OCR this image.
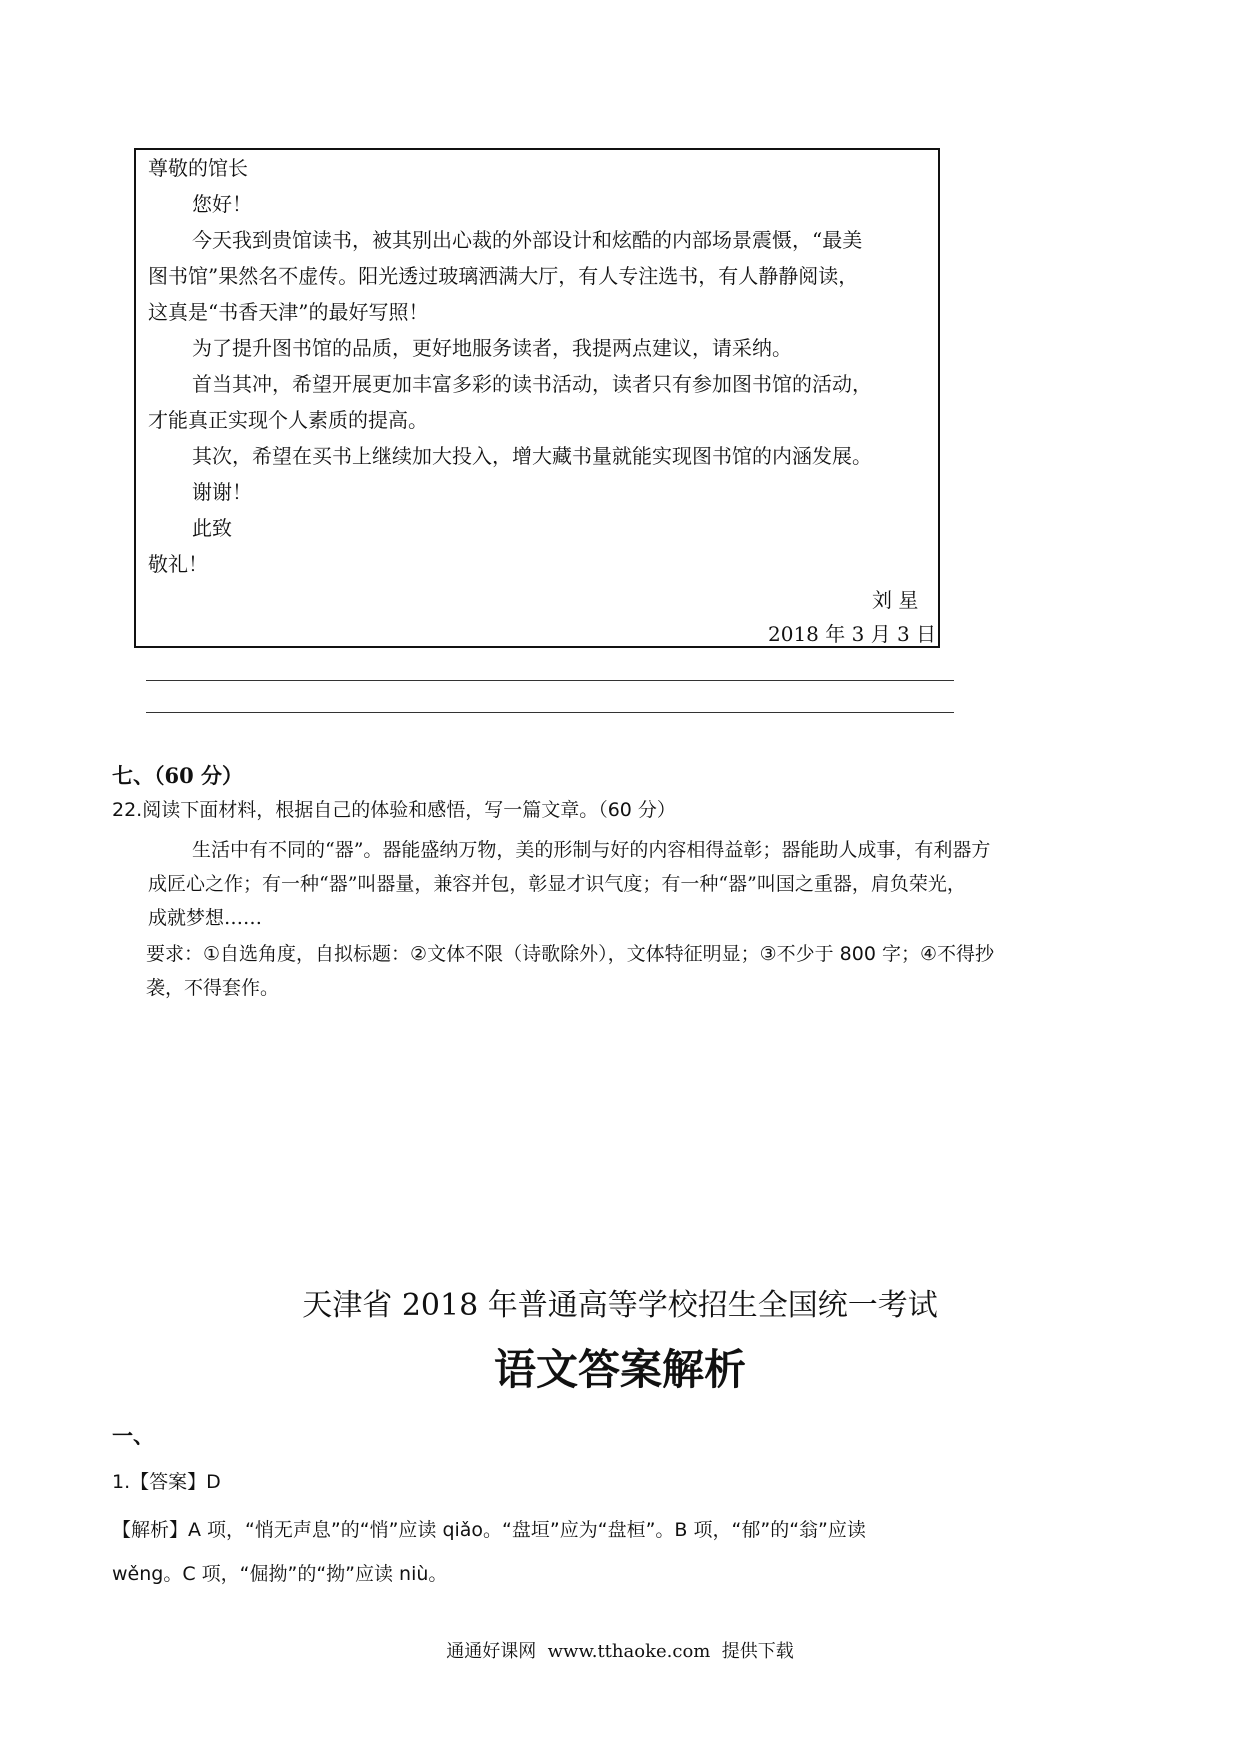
尊敬的馆长
您好！
今天我到贵馆读书，被其别出心裁的外部设计和炫酷的内部场景震慑，“最美
图书馆”果然名不虚传。阳光透过玻璃洒满大厅，有人专注选书，有人静静阅读，
这真是“书香天津”的最好写照！
为了提升图书馆的品质，更好地服务读者，我提两点建议，请采纳。
首当其冲，希望开展更加丰富多彩的读书活动，读者只有参加图书馆的活动，
才能真正实现个人素质的提高。
其次，希望在买书上继续加大投入，增大藏书量就能实现图书馆的内涵发展。
谢谢！
此致
敬礼！
刘 星
2018 年 3 月 3 日
七、（60 分）
22.阅读下面材料，根据自己的体验和感悟，写一篇文章。（60 分）
生活中有不同的“器”。器能盛纳万物，美的形制与好的内容相得益彰；器能助人成事，有利器方
成匠心之作；有一种“器”叫器量，兼容并包，彰显才识气度；有一种“器”叫国之重器，肩负荣光，
成就梦想……
要求：①自选角度，自拟标题：②文体不限（诗歌除外），文体特征明显；③不少于 800 字；④不得抄
袭，不得套作。
天津省 2018 年普通高等学校招生全国统一考试
语文答案解析
一、
1.【答案】D
【解析】A 项，“悄无声息”的“悄”应读 qiǎo。“盘垣”应为“盘桓”。B 项，“郁”的“翁”应读
wěng。C 项，“倔拗”的“拗”应读 niù。
通通好课网  www.tthaoke.com  提供下载
